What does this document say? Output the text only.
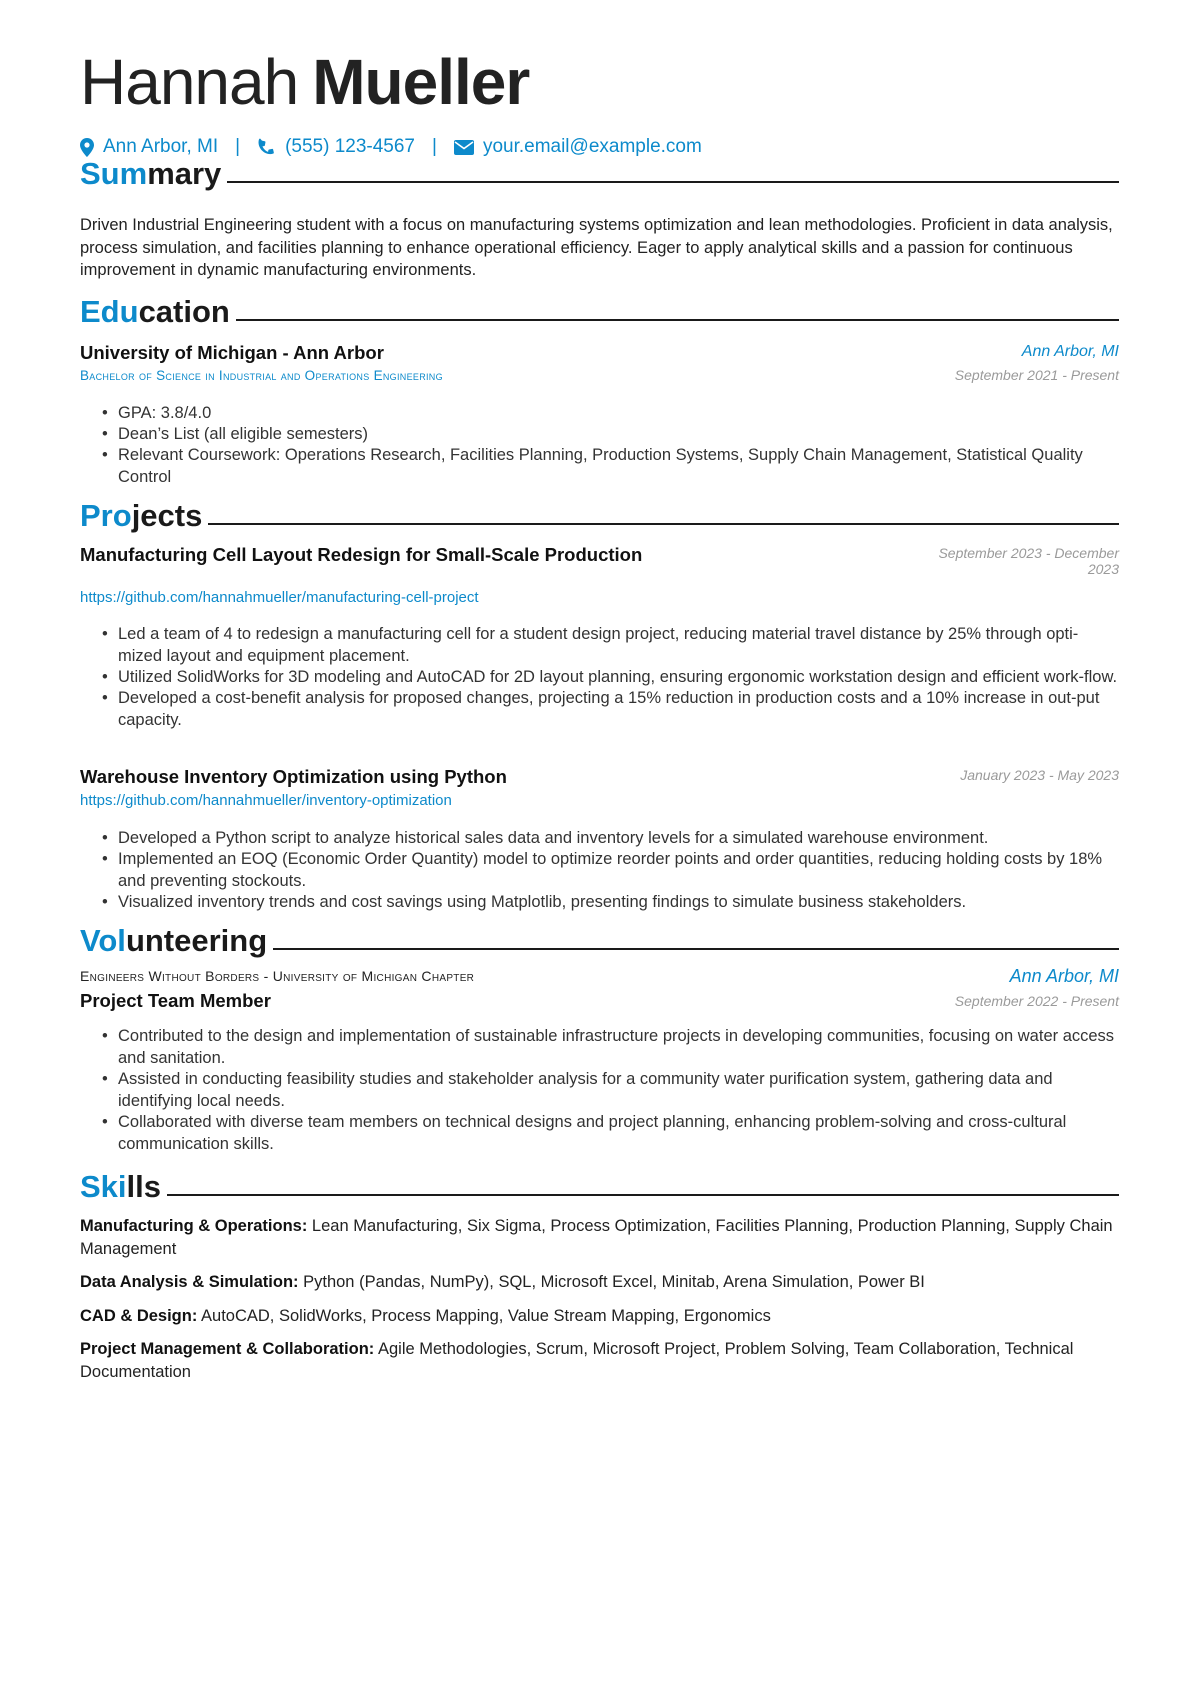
Hannah Mueller
Ann Arbor, MI | (555) 123-4567 | your.email@example.com
Summary
Driven Industrial Engineering student with a focus on manufacturing systems optimization and lean methodologies. Proficient in data analysis, process simulation, and facilities planning to enhance operational efficiency. Eager to apply analytical skills and a passion for continuous improvement in dynamic manufacturing environments.
Education
University of Michigan - Ann Arbor	Ann Arbor, MI
Bachelor of Science in Industrial and Operations Engineering	September 2021 - Present
• GPA: 3.8/4.0
• Dean’s List (all eligible semesters)
• Relevant Coursework: Operations Research, Facilities Planning, Production Systems, Supply Chain Management, Statistical Quality Control
Projects
Manufacturing Cell Layout Redesign for Small-Scale Production	September 2023 - December
2023
https://github.com/hannahmueller/manufacturing-cell-project
• Led a team of 4 to redesign a manufacturing cell for a student design project, reducing material travel distance by 25% through opti-mized layout and equipment placement.
• Utilized SolidWorks for 3D modeling and AutoCAD for 2D layout planning, ensuring ergonomic workstation design and efficient work-flow.
• Developed a cost-benefit analysis for proposed changes, projecting a 15% reduction in production costs and a 10% increase in out-put capacity.
Warehouse Inventory Optimization using Python	January 2023 - May 2023
https://github.com/hannahmueller/inventory-optimization
• Developed a Python script to analyze historical sales data and inventory levels for a simulated warehouse environment.
• Implemented an EOQ (Economic Order Quantity) model to optimize reorder points and order quantities, reducing holding costs by 18% and preventing stockouts.
• Visualized inventory trends and cost savings using Matplotlib, presenting findings to simulate business stakeholders.
Volunteering
Engineers Without Borders - University of Michigan Chapter	Ann Arbor, MI
Project Team Member	September 2022 - Present
• Contributed to the design and implementation of sustainable infrastructure projects in developing communities, focusing on water access and sanitation.
• Assisted in conducting feasibility studies and stakeholder analysis for a community water purification system, gathering data and identifying local needs.
• Collaborated with diverse team members on technical designs and project planning, enhancing problem-solving and cross-cultural communication skills.
Skills
Manufacturing & Operations: Lean Manufacturing, Six Sigma, Process Optimization, Facilities Planning, Production Planning, Supply Chain Management
Data Analysis & Simulation: Python (Pandas, NumPy), SQL, Microsoft Excel, Minitab, Arena Simulation, Power BI
CAD & Design: AutoCAD, SolidWorks, Process Mapping, Value Stream Mapping, Ergonomics
Project Management & Collaboration: Agile Methodologies, Scrum, Microsoft Project, Problem Solving, Team Collaboration, Technical Documentation
